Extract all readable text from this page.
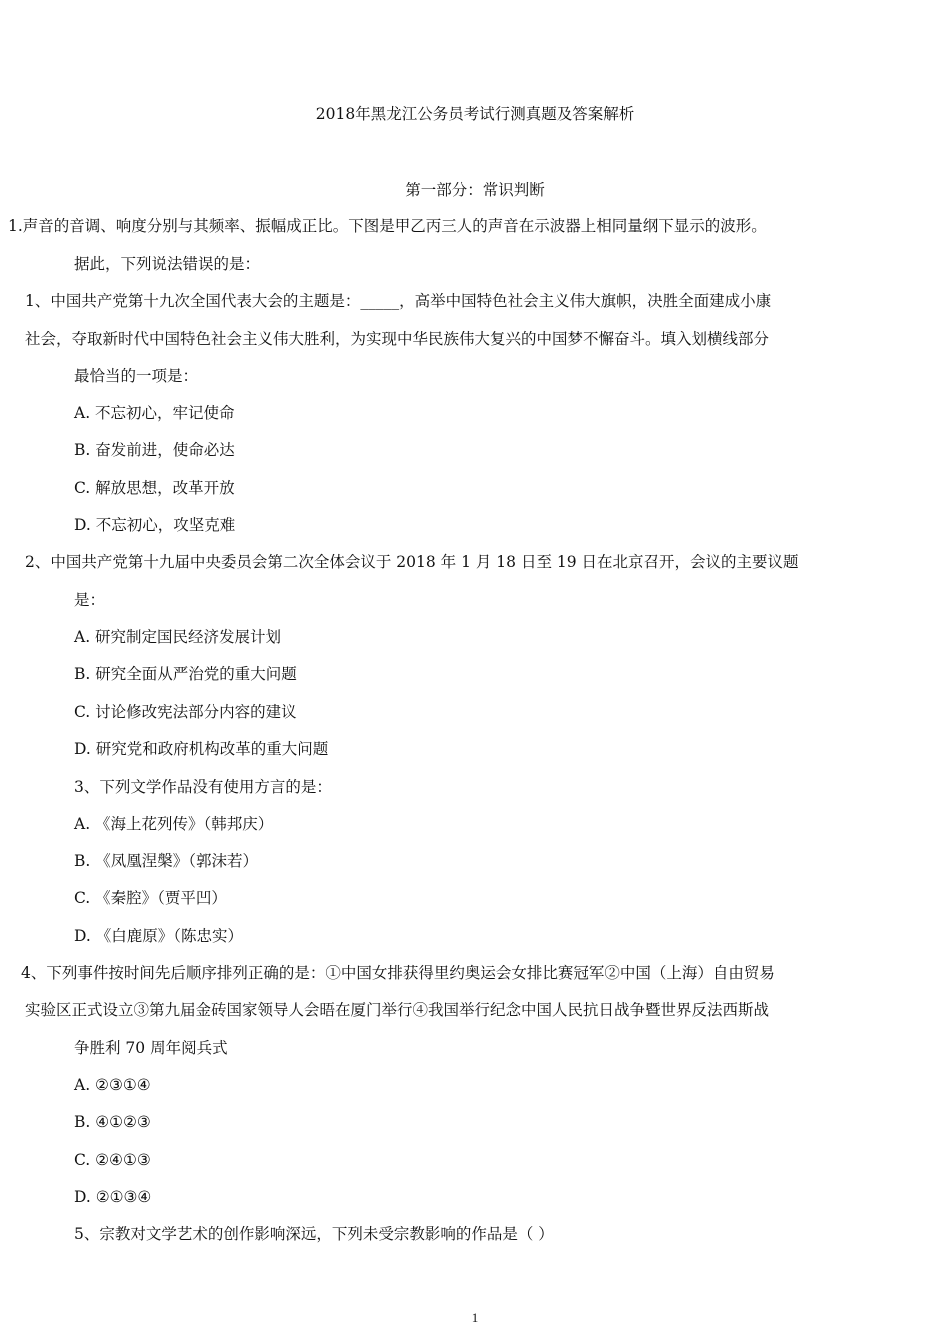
2018年黑龙江公务员考试行测真题及答案解析
第一部分：常识判断
1.声音的音调、响度分别与其频率、振幅成正比。下图是甲乙丙三人的声音在示波器上相同量纲下显示的波形。
据此，下列说法错误的是：
1、中国共产党第十九次全国代表大会的主题是：_____，高举中国特色社会主义伟大旗帜，决胜全面建成小康
社会，夺取新时代中国特色社会主义伟大胜利，为实现中华民族伟大复兴的中国梦不懈奋斗。填入划横线部分
最恰当的一项是：
A. 不忘初心，牢记使命
B. 奋发前进，使命必达
C. 解放思想，改革开放
D. 不忘初心，攻坚克难
2、中国共产党第十九届中央委员会第二次全体会议于 2018 年 1 月 18 日至 19 日在北京召开，会议的主要议题
是：
A. 研究制定国民经济发展计划
B. 研究全面从严治党的重大问题
C. 讨论修改宪法部分内容的建议
D. 研究党和政府机构改革的重大问题
3、下列文学作品没有使用方言的是：
A. 《海上花列传》（韩邦庆）
B. 《凤凰涅槃》（郭沫若）
C. 《秦腔》（贾平凹）
D. 《白鹿原》（陈忠实）
4、下列事件按时间先后顺序排列正确的是：①中国女排获得里约奥运会女排比赛冠军②中国（上海）自由贸易
实验区正式设立③第九届金砖国家领导人会晤在厦门举行④我国举行纪念中国人民抗日战争暨世界反法西斯战
争胜利 70 周年阅兵式
A. ②③①④
B. ④①②③
C. ②④①③
D. ②①③④
5、宗教对文学艺术的创作影响深远，下列未受宗教影响的作品是（ ）
1
